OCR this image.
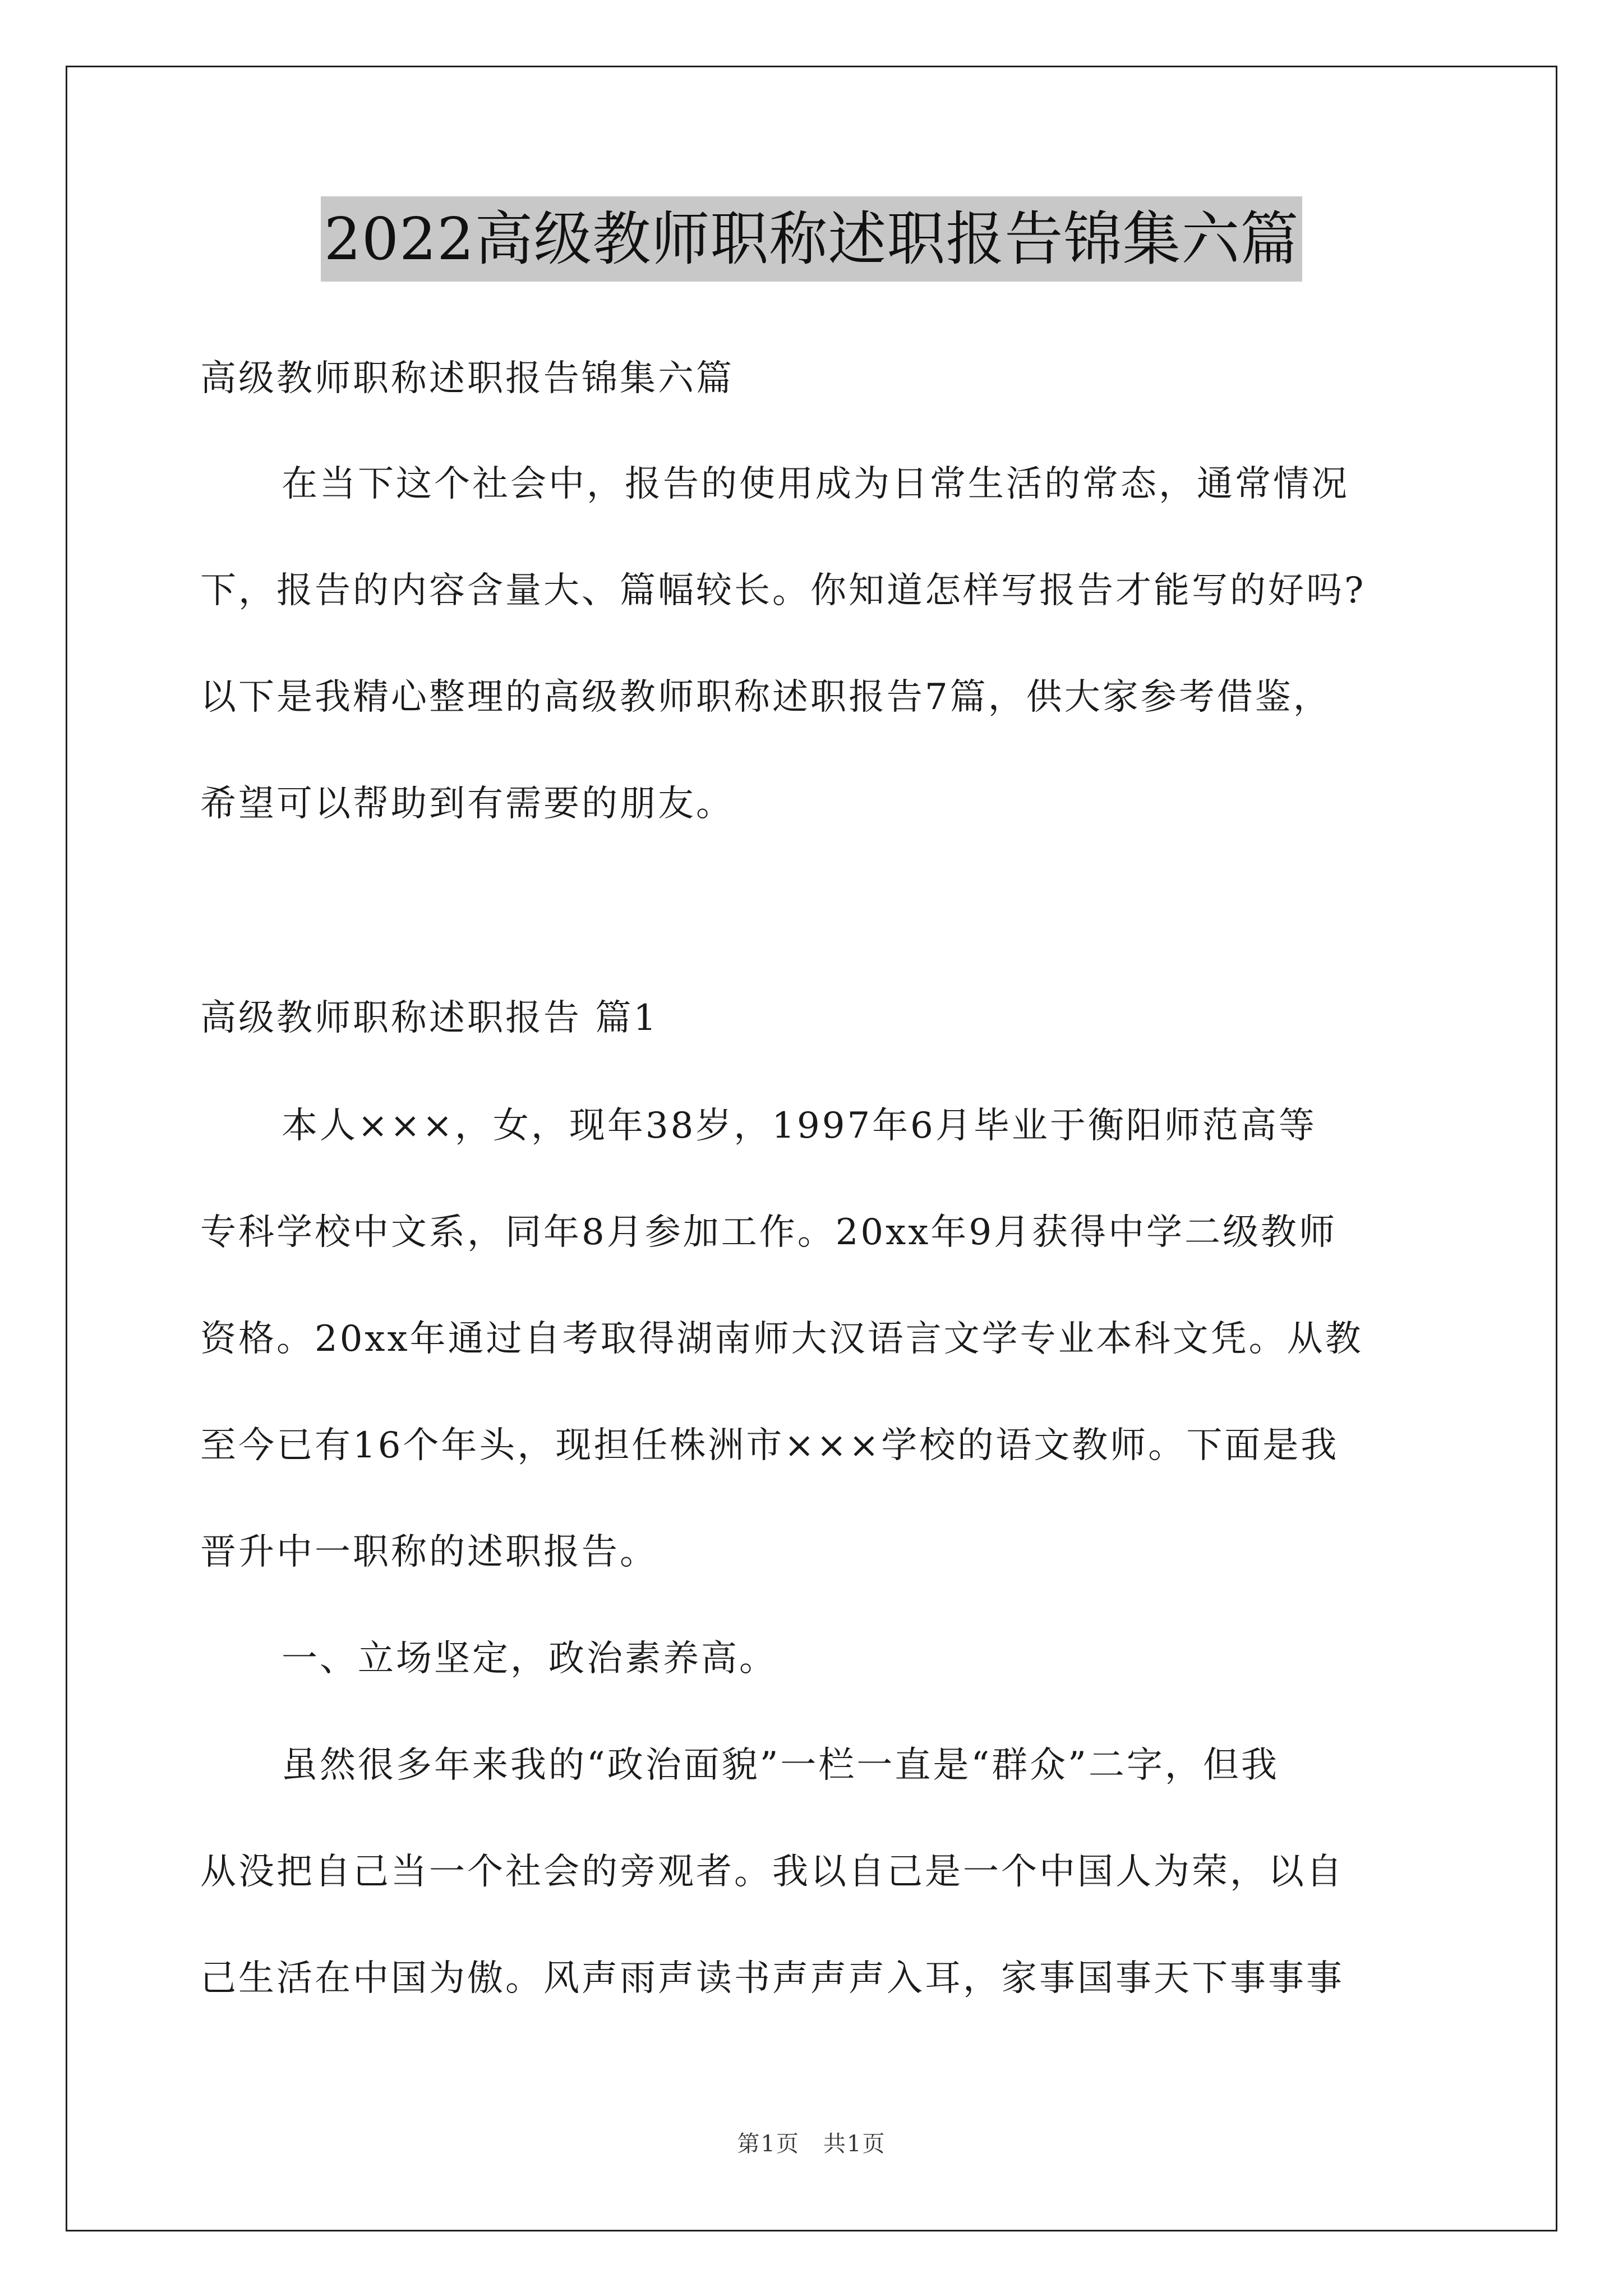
2022高级教师职称述职报告锦集六篇
高级教师职称述职报告锦集六篇
在当下这个社会中，报告的使用成为日常生活的常态，通常情况
下，报告的内容含量大、篇幅较长。你知道怎样写报告才能写的好吗?
以下是我精心整理的高级教师职称述职报告7篇，供大家参考借鉴，
希望可以帮助到有需要的朋友。
高级教师职称述职报告 篇1
本人×××，女，现年38岁，1997年6月毕业于衡阳师范高等
专科学校中文系，同年8月参加工作。20xx年9月获得中学二级教师
资格。20xx年通过自考取得湖南师大汉语言文学专业本科文凭。从教
至今已有16个年头，现担任株洲市×××学校的语文教师。下面是我
晋升中一职称的述职报告。
一、立场坚定，政治素养高。
虽然很多年来我的“政治面貌”一栏一直是“群众”二字，但我
从没把自己当一个社会的旁观者。我以自己是一个中国人为荣，以自
己生活在中国为傲。风声雨声读书声声声入耳，家事国事天下事事事
第1页　共1页
